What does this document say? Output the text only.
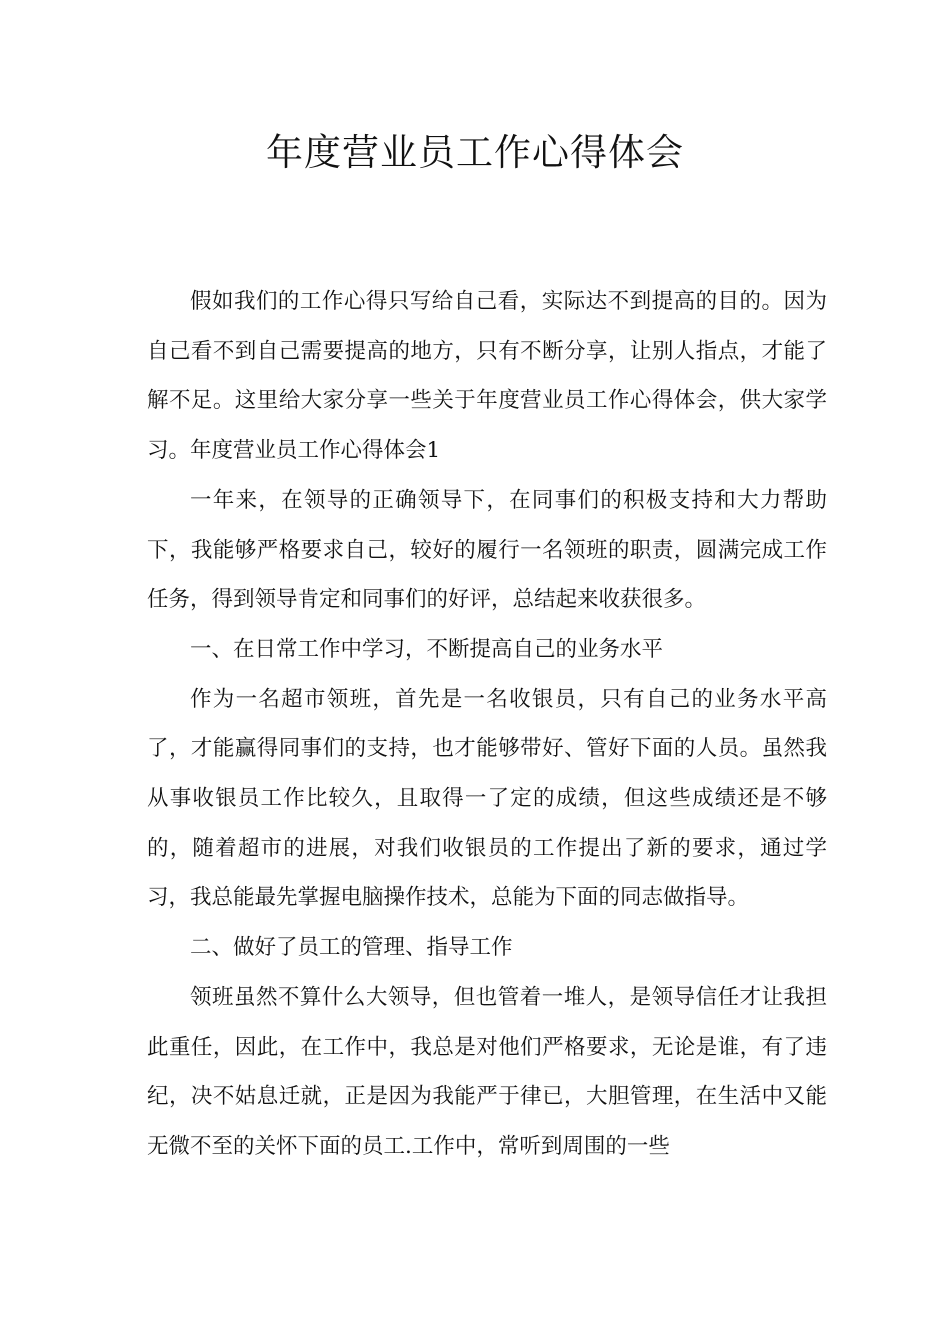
年度营业员工作心得体会

假如我们的工作心得只写给自己看，实际达不到提高的目的。因为自己看不到自己需要提高的地方，只有不断分享，让别人指点，才能了解不足。这里给大家分享一些关于年度营业员工作心得体会，供大家学习。年度营业员工作心得体会1

一年来，在领导的正确领导下，在同事们的积极支持和大力帮助下，我能够严格要求自己，较好的履行一名领班的职责，圆满完成工作任务，得到领导肯定和同事们的好评，总结起来收获很多。

一、在日常工作中学习，不断提高自己的业务水平

作为一名超市领班，首先是一名收银员，只有自己的业务水平高了，才能赢得同事们的支持，也才能够带好、管好下面的人员。虽然我从事收银员工作比较久，且取得一了定的成绩，但这些成绩还是不够的，随着超市的进展，对我们收银员的工作提出了新的要求，通过学习，我总能最先掌握电脑操作技术，总能为下面的同志做指导。

二、做好了员工的管理、指导工作

领班虽然不算什么大领导，但也管着一堆人，是领导信任才让我担此重任，因此，在工作中，我总是对他们严格要求，无论是谁，有了违纪，决不姑息迁就，正是因为我能严于律已，大胆管理，在生活中又能无微不至的关怀下面的员工.工作中，常听到周围的一些
